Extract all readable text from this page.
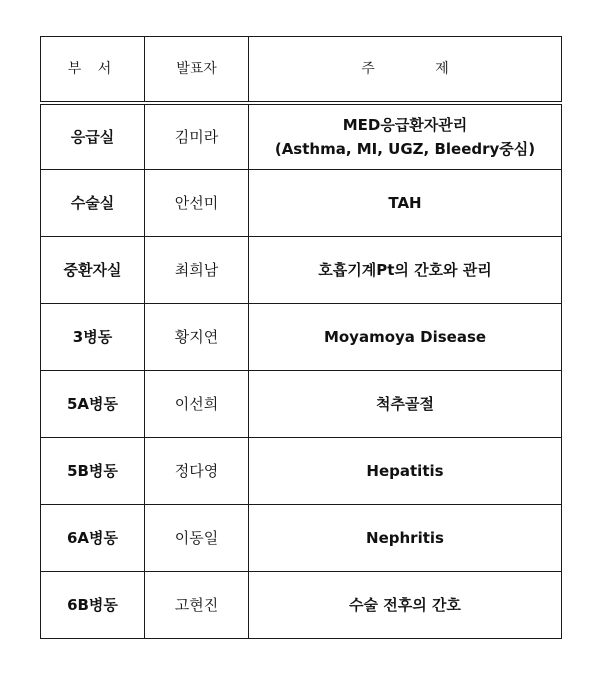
부 서	발표자	주 제
응급실	김미라	MED응급환자관리
(Asthma, MI, UGZ, Bleedry중심)

수술실	안선미	TAH
중환자실	최희남	호흡기계Pt의 간호와 관리
3병동	황지연	Moyamoya Disease
5A병동	이선희	척추골절
5B병동	정다영	Hepatitis
6A병동	이동일	Nephritis
6B병동	고현진	수술 전후의 간호
